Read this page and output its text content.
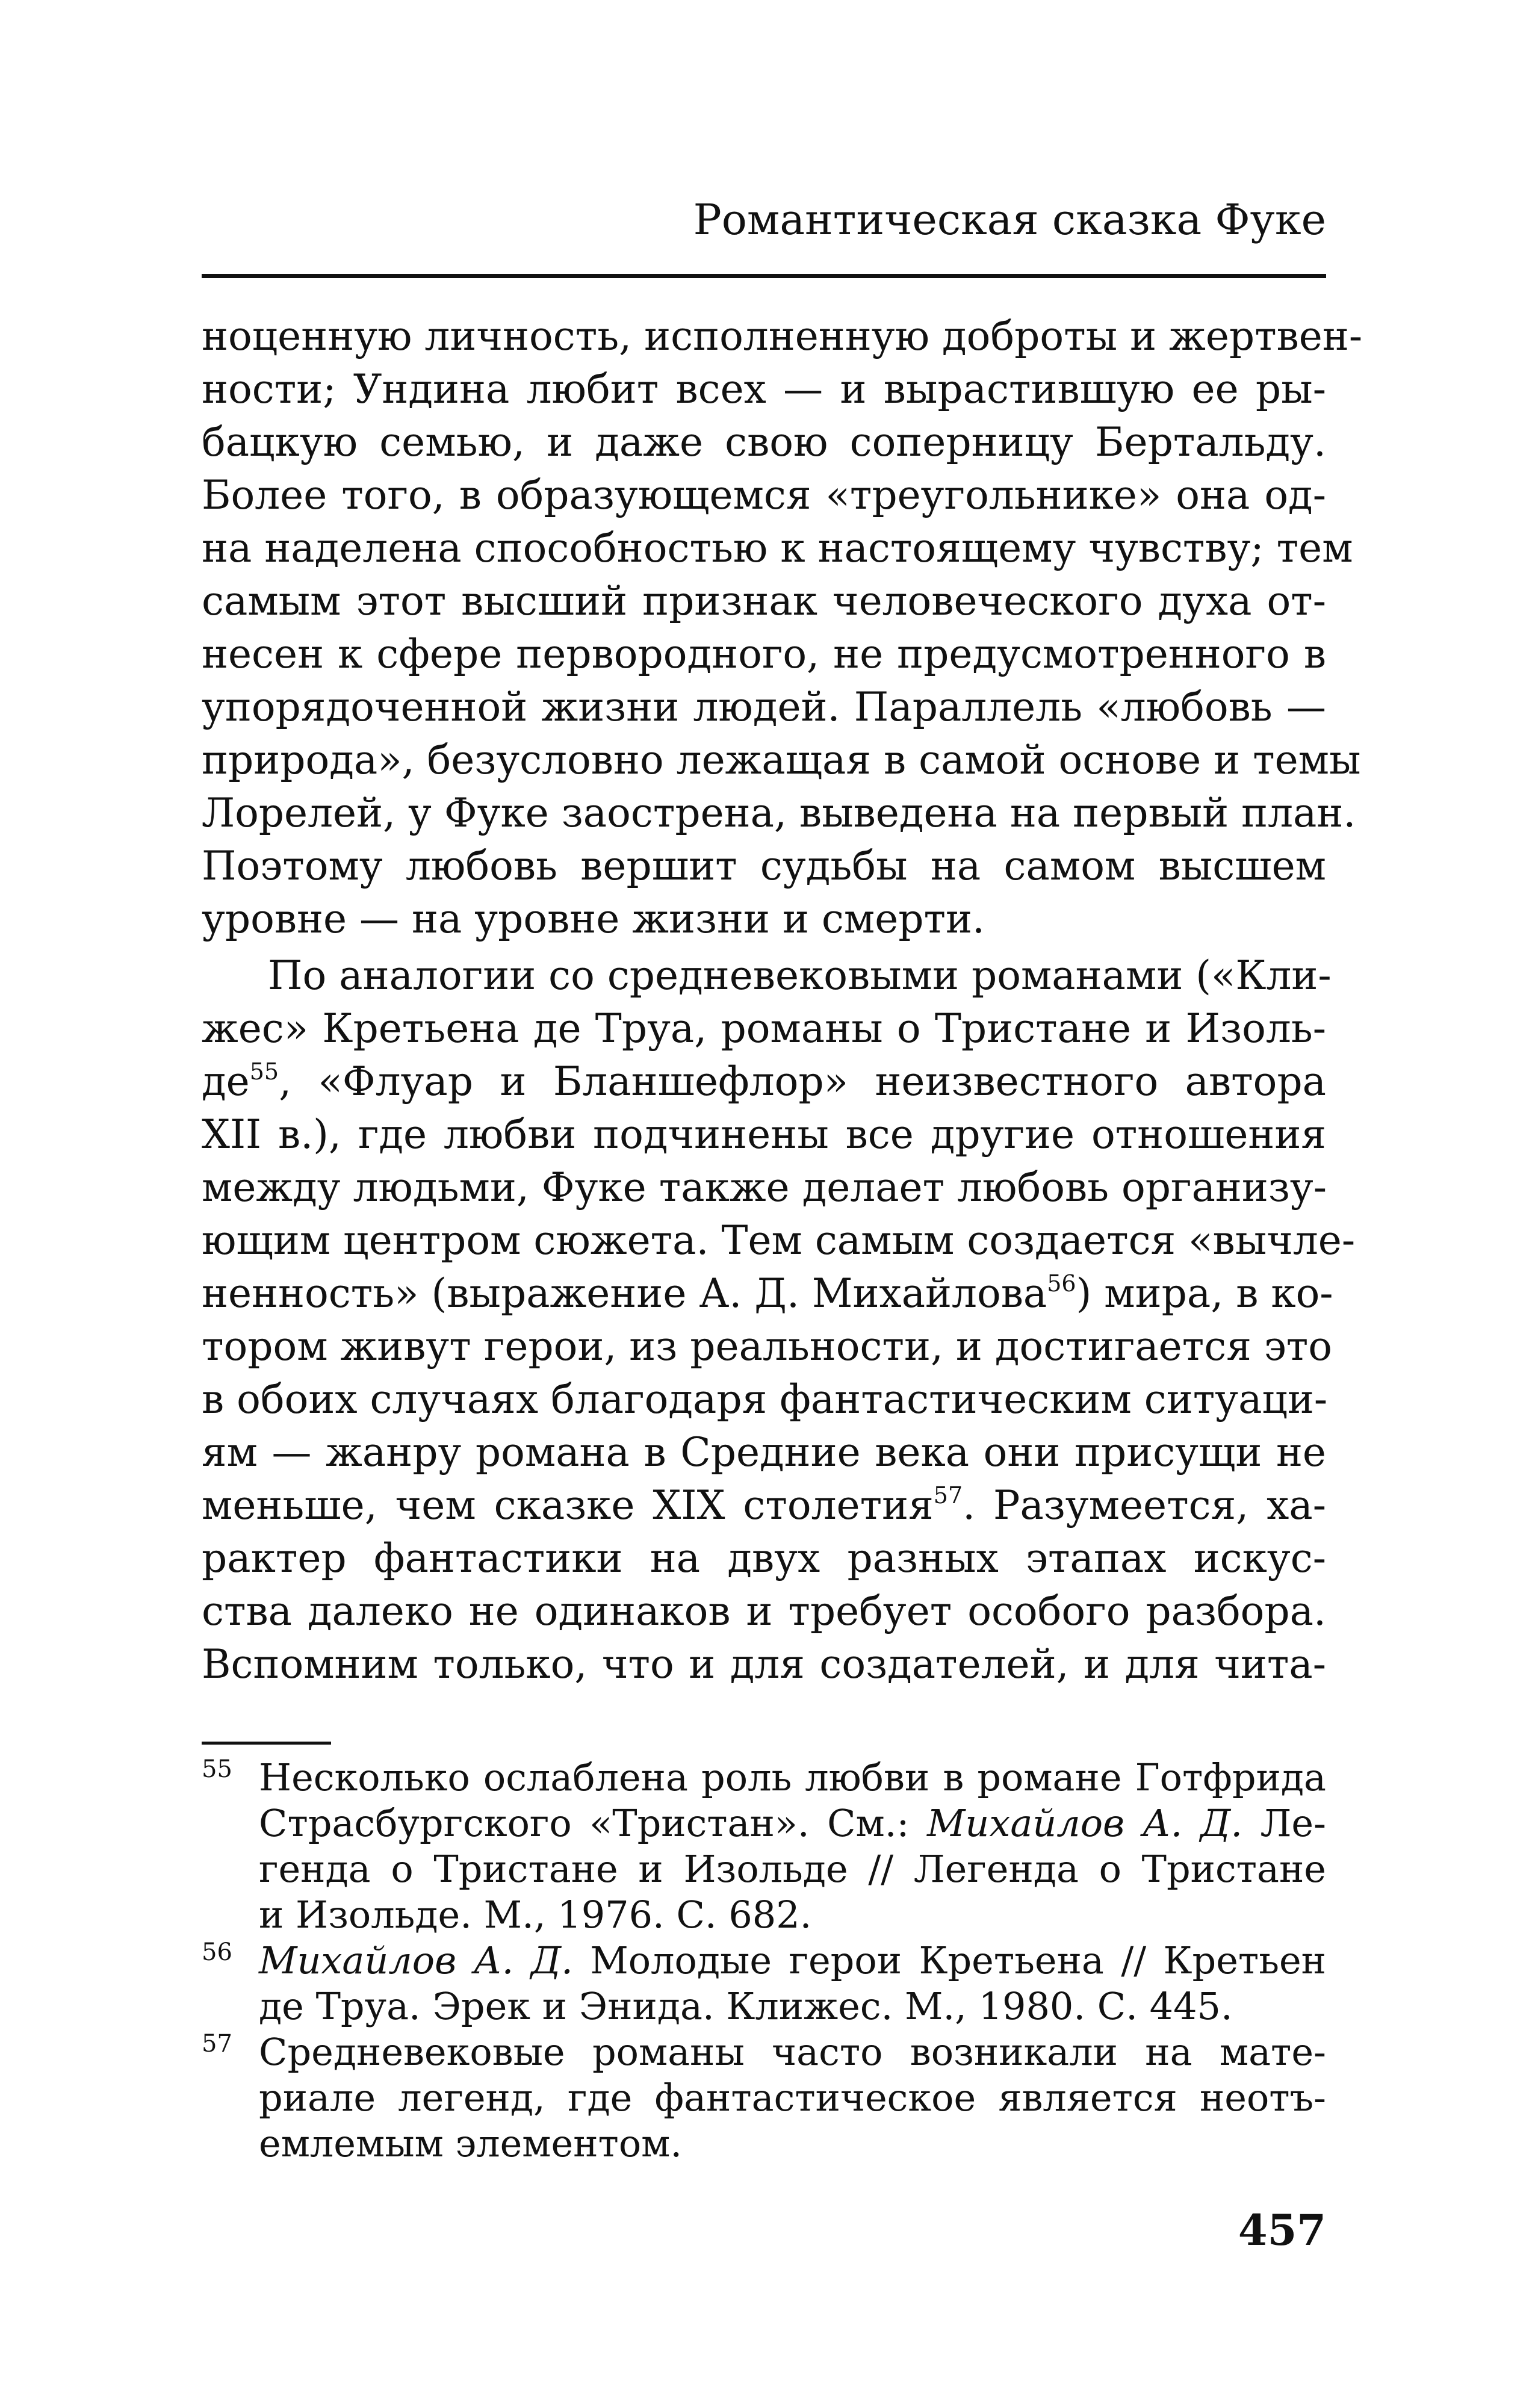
Романтическая сказка Фуке
ноценную личность, исполненную доброты и жертвен-
ности; Ундина любит всех — и вырастившую ее ры-
бацкую семью, и даже свою соперницу Бертальду.
Более того, в образующемся «треугольнике» она од-
на наделена способностью к настоящему чувству; тем
самым этот высший признак человеческого духа от-
несен к сфере первородного, не предусмотренного в
упорядоченной жизни людей. Параллель «любовь —
природа», безусловно лежащая в самой основе и темы
Лорелей, у Фуке заострена, выведена на первый план.
Поэтому любовь вершит судьбы на самом высшем
уровне — на уровне жизни и смерти.
По аналогии со средневековыми романами («Кли-
жес» Кретьена де Труа, романы о Тристане и Изоль-
$де^{55}$, «Флуар и Бланшефлор» неизвестного автора
XII в.), где любви подчинены все другие отношения
между людьми, Фуке также делает любовь организу-
ющим центром сюжета. Тем самым создается «вычле-
ненность» (выражение А. Д. Михайлова$^{56}$) мира, в ко-
тором живут герои, из реальности, и достигается это
в обоих случаях благодаря фантастическим ситуаци-
ям — жанру романа в Средние века они присущи не
меньше, чем сказке XIX столетия$^{57}$. Разумеется, ха-
рактер фантастики на двух разных этапах искус-
ства далеко не одинаков и требует особого разбора.
Вспомним только, что и для создателей, и для чита-
55 Несколько ослаблена роль любви в романе Готфрида
Страсбургского «Тристан». См.: Михайлов А. Д. Ле-
генда о Тристане и Изольде // Легенда о Тристане
и Изольде. М., 1976. С. 682.
56 Михайлов А. Д. Молодые герои Кретьена // Кретьен
де Труа. Эрек и Энида. Клижес. М., 1980. С. 445.
57 Средневековые романы часто возникали на мате-
риале легенд, где фантастическое является неотъ-
емлемым элементом.
457
